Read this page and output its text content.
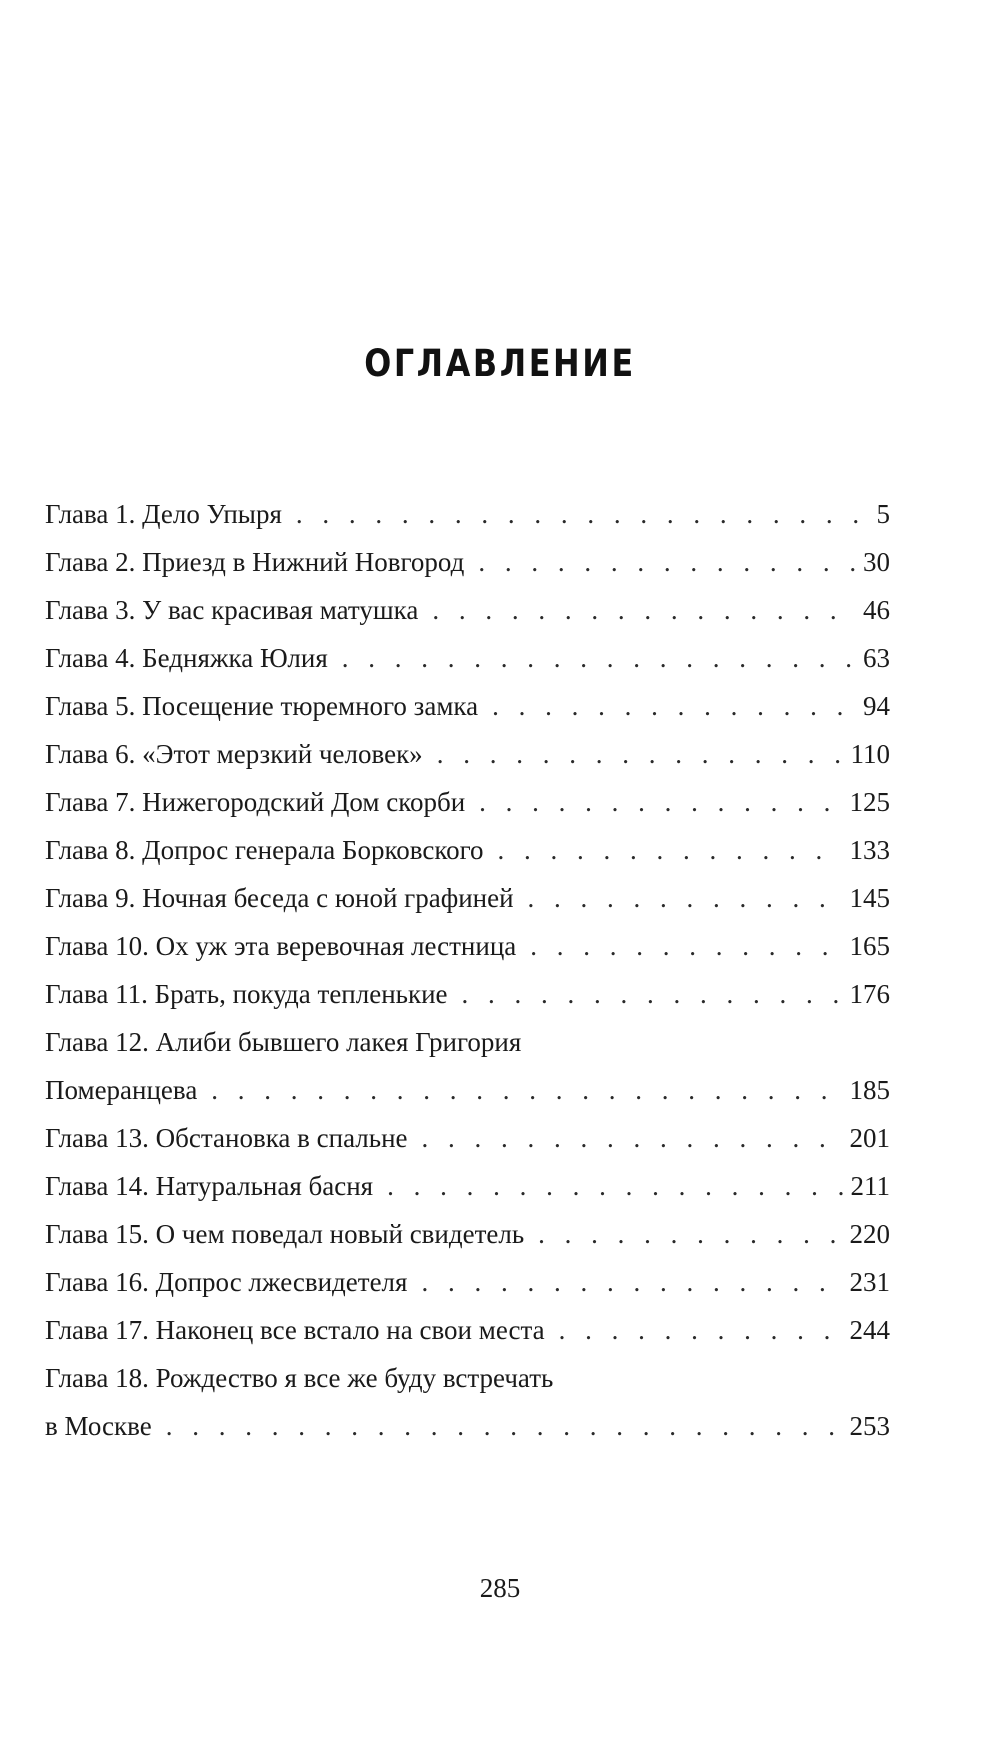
ОГЛАВЛЕНИЕ
Глава 1. Дело Упыря . . .	5
Глава 2. Приезд в Нижний Новгород . . .	30
Глава 3. У вас красивая матушка . . .	46
Глава 4. Бедняжка Юлия . . .	63
Глава 5. Посещение тюремного замка . . .	94
Глава 6. «Этот мерзкий человек» . . .	110
Глава 7. Нижегородский Дом скорби . . .	125
Глава 8. Допрос генерала Борковского . . .	133
Глава 9. Ночная беседа с юной графиней . . .	145
Глава 10. Ох уж эта веревочная лестница . . .	165
Глава 11. Брать, покуда тепленькие . . .	176
Глава 12. Алиби бывшего лакея Григория
Померанцева . . .	185
Глава 13. Обстановка в спальне . . .	201
Глава 14. Натуральная басня . . .	211
Глава 15. О чем поведал новый свидетель . . .	220
Глава 16. Допрос лжесвидетеля . . .	231
Глава 17. Наконец все встало на свои места . . .	244
Глава 18. Рождество я все же буду встречать
в Москве . . .	253
285
